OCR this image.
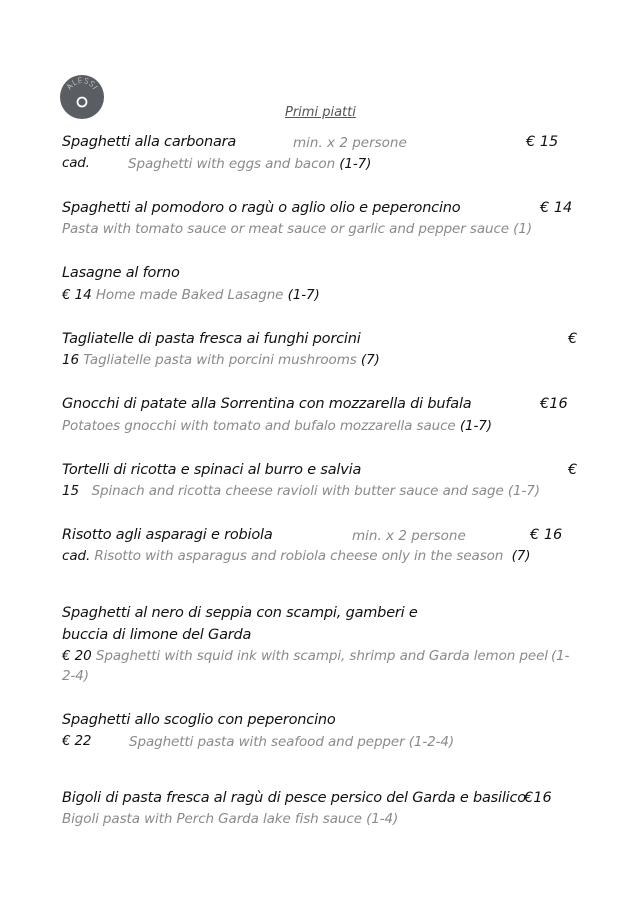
ALESSI
Primi piatti
Spaghetti alla carbonara	min. x 2 persone	€ 15
cad.	Spaghetti with eggs and bacon (1-7)
Spaghetti al pomodoro o ragù o aglio olio e peperoncino	€ 14
Pasta with tomato sauce or meat sauce or garlic and pepper sauce (1)
Lasagne al forno
€ 14 Home made Baked Lasagne (1-7)
Tagliatelle di pasta fresca ai funghi porcini	€
16 Tagliatelle pasta with porcini mushrooms (7)
Gnocchi di patate alla Sorrentina con mozzarella di bufala	€16
Potatoes gnocchi with tomato and bufalo mozzarella sauce (1-7)
Tortelli di ricotta e spinaci al burro e salvia	€
15 Spinach and ricotta cheese ravioli with butter sauce and sage (1-7)
Risotto agli asparagi e robiola	min. x 2 persone	€ 16
cad. Risotto with asparagus and robiola cheese only in the season (7)
Spaghetti al nero di seppia con scampi, gamberi e
buccia di limone del Garda
€ 20 Spaghetti with squid ink with scampi, shrimp and Garda lemon peel (1-
2-4)
Spaghetti allo scoglio con peperoncino
€ 22	Spaghetti pasta with seafood and pepper (1-2-4)
Bigoli di pasta fresca al ragù di pesce persico del Garda e basilico
€16
Bigoli pasta with Perch Garda lake fish sauce (1-4)
